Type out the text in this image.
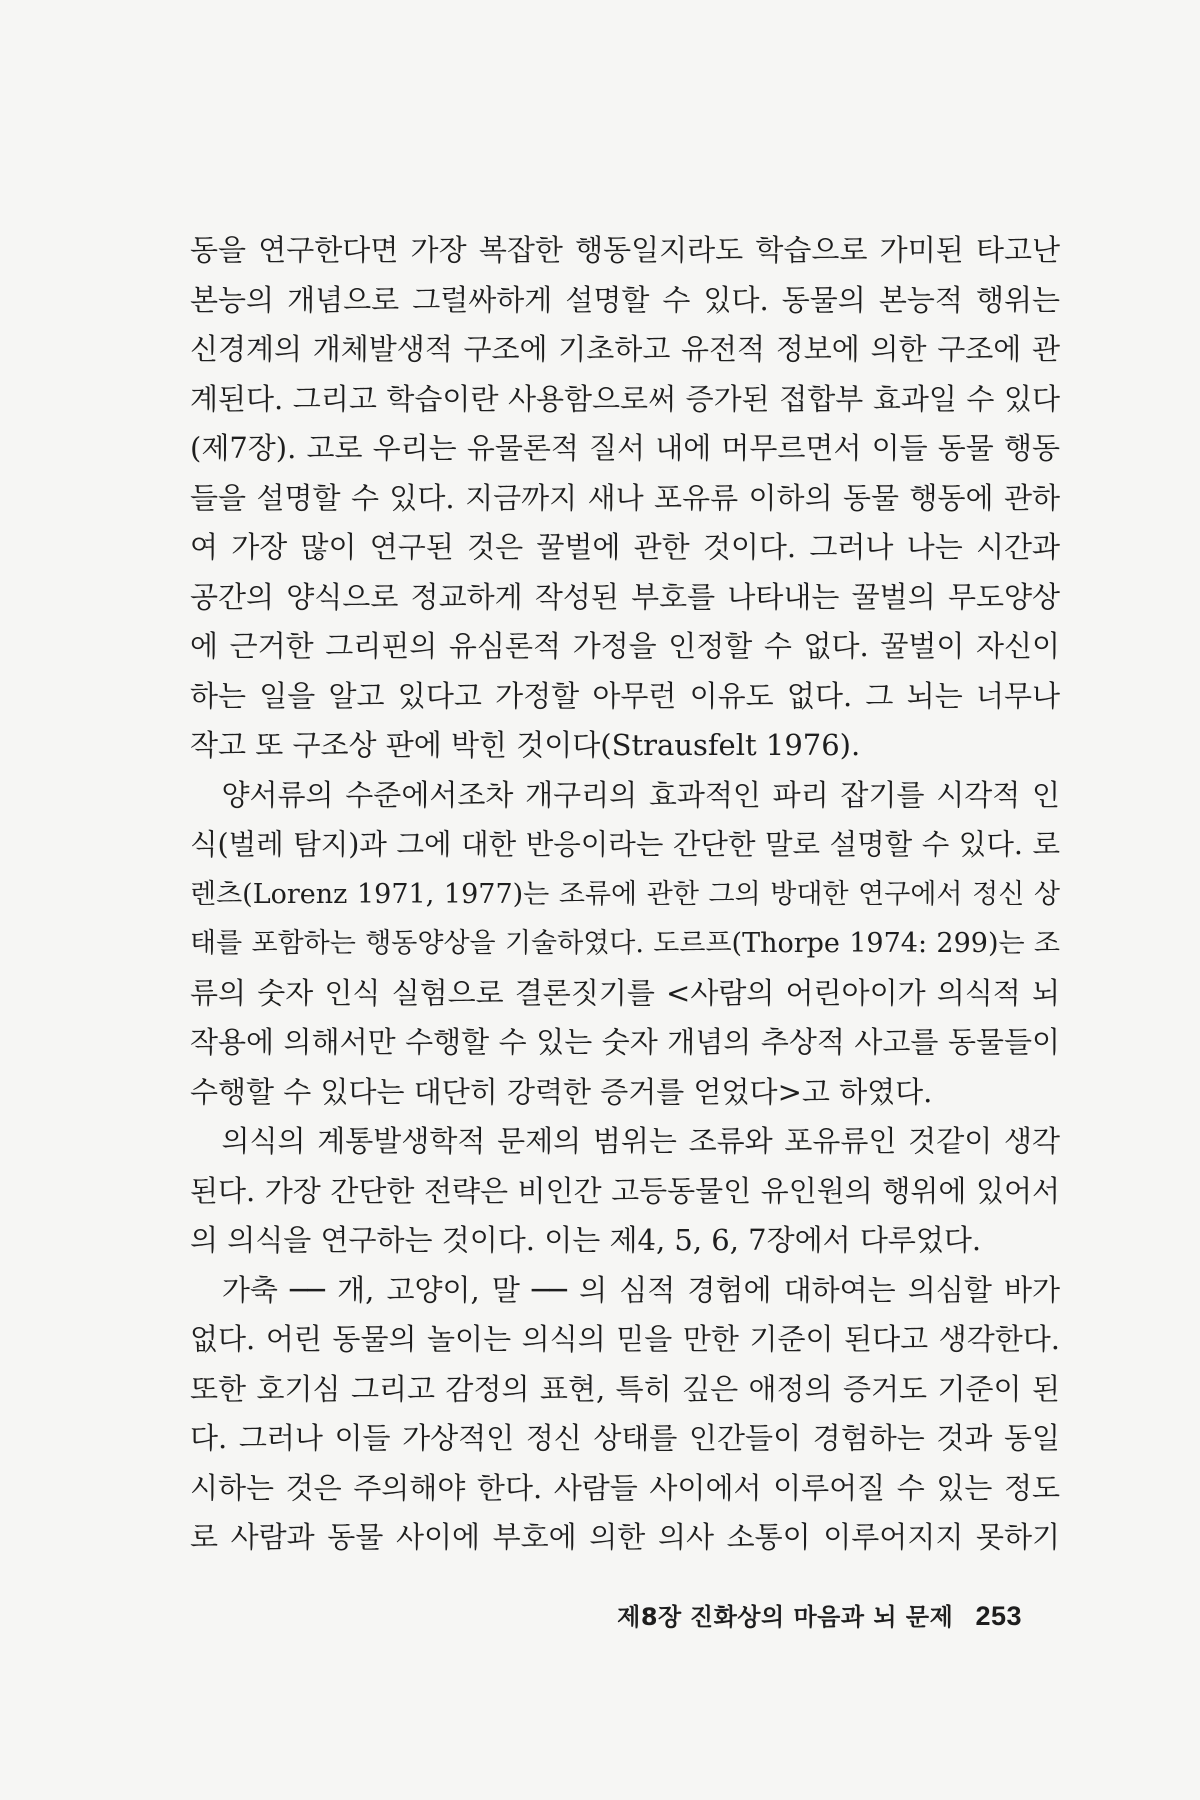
동을 연구한다면 가장 복잡한 행동일지라도 학습으로 가미된 타고난
본능의 개념으로 그럴싸하게 설명할 수 있다. 동물의 본능적 행위는
신경계의 개체발생적 구조에 기초하고 유전적 정보에 의한 구조에 관
계된다. 그리고 학습이란 사용함으로써 증가된 접합부 효과일 수 있다
(제7장). 고로 우리는 유물론적 질서 내에 머무르면서 이들 동물 행동
들을 설명할 수 있다. 지금까지 새나 포유류 이하의 동물 행동에 관하
여 가장 많이 연구된 것은 꿀벌에 관한 것이다. 그러나 나는 시간과
공간의 양식으로 정교하게 작성된 부호를 나타내는 꿀벌의 무도양상
에 근거한 그리핀의 유심론적 가정을 인정할 수 없다. 꿀벌이 자신이
하는 일을 알고 있다고 가정할 아무런 이유도 없다. 그 뇌는 너무나
작고 또 구조상 판에 박힌 것이다(Strausfelt 1976).
　양서류의 수준에서조차 개구리의 효과적인 파리 잡기를 시각적 인
식(벌레 탐지)과 그에 대한 반응이라는 간단한 말로 설명할 수 있다. 로
렌츠(Lorenz 1971, 1977)는 조류에 관한 그의 방대한 연구에서 정신 상
태를 포함하는 행동양상을 기술하였다. 도르프(Thorpe 1974: 299)는 조
류의 숫자 인식 실험으로 결론짓기를 <사람의 어린아이가 의식적 뇌
작용에 의해서만 수행할 수 있는 숫자 개념의 추상적 사고를 동물들이
수행할 수 있다는 대단히 강력한 증거를 얻었다>고 하였다.
　의식의 계통발생학적 문제의 범위는 조류와 포유류인 것같이 생각
된다. 가장 간단한 전략은 비인간 고등동물인 유인원의 행위에 있어서
의 의식을 연구하는 것이다. 이는 제4, 5, 6, 7장에서 다루었다.
　가축 ── 개, 고양이, 말 ── 의 심적 경험에 대하여는 의심할 바가
없다. 어린 동물의 놀이는 의식의 믿을 만한 기준이 된다고 생각한다.
또한 호기심 그리고 감정의 표현, 특히 깊은 애정의 증거도 기준이 된
다. 그러나 이들 가상적인 정신 상태를 인간들이 경험하는 것과 동일
시하는 것은 주의해야 한다. 사람들 사이에서 이루어질 수 있는 정도
로 사람과 동물 사이에 부호에 의한 의사 소통이 이루어지지 못하기
제8장 진화상의 마음과 뇌 문제 253
